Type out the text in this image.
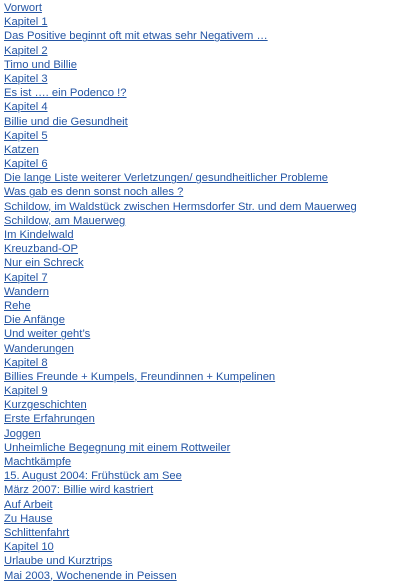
Vorwort
Kapitel 1
Das Positive beginnt oft mit etwas sehr Negativem …
Kapitel 2
Timo und Billie
Kapitel 3
Es ist …. ein Podenco !?
Kapitel 4
Billie und die Gesundheit
Kapitel 5
Katzen
Kapitel 6
Die lange Liste weiterer Verletzungen/ gesundheitlicher Probleme
Was gab es denn sonst noch alles ?
Schildow, im Waldstück zwischen Hermsdorfer Str. und dem Mauerweg
Schildow, am Mauerweg
Im Kindelwald
Kreuzband-OP
Nur ein Schreck
Kapitel 7
Wandern
Rehe
Die Anfänge
Und weiter geht’s
Wanderungen
Kapitel 8
Billies Freunde + Kumpels, Freundinnen + Kumpelinen
Kapitel 9
Kurzgeschichten
Erste Erfahrungen
Joggen
Unheimliche Begegnung mit einem Rottweiler
Machtkämpfe
15. August 2004: Frühstück am See
März 2007: Billie wird kastriert
Auf Arbeit
Zu Hause
Schlittenfahrt
Kapitel 10
Urlaube und Kurztrips
Mai 2003, Wochenende in Peissen
